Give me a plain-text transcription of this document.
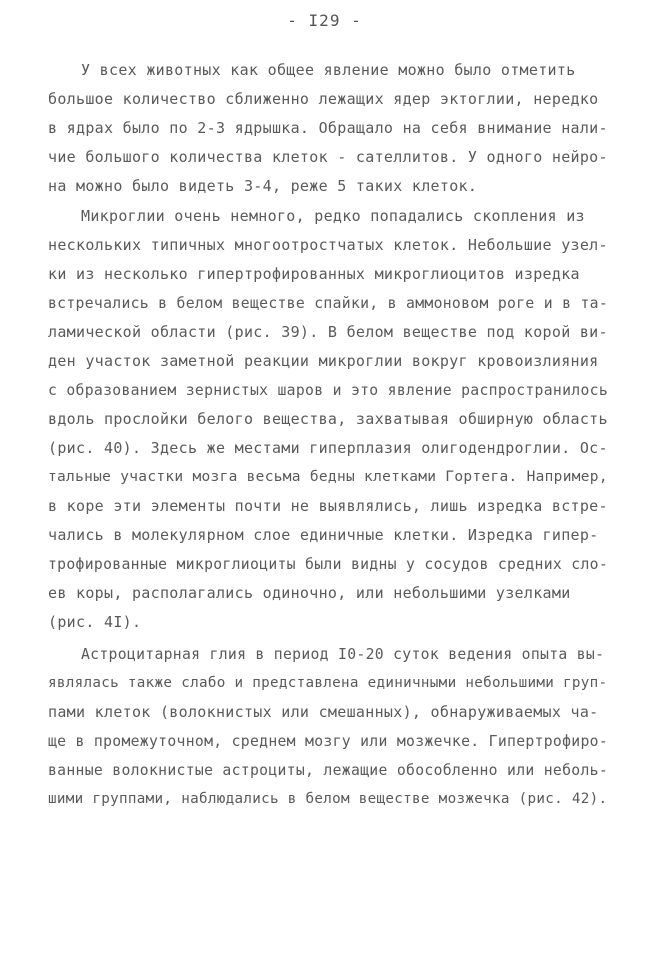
- I29 -
У всех животных как общее явление можно было отметить
большое количество сближенно лежащих ядер эктоглии, нередко
в ядрах было по 2-3 ядрышка. Обращало на себя внимание нали-
чие большого количества клеток - сателлитов. У одного нейро-
на можно было видеть 3-4, реже 5 таких клеток.
Микроглии очень немного, редко попадались скопления из
нескольких типичных многоотростчатых клеток. Небольшие узел-
ки из несколько гипертрофированных микроглиоцитов изредка
встречались в белом веществе спайки, в аммоновом роге и в та-
ламической области (рис. 39). В белом веществе под корой ви-
ден участок заметной реакции микроглии вокруг кровоизлияния
с образованием зернистых шаров и это явление распространилось
вдоль прослойки белого вещества, захватывая обширную область
(рис. 40). Здесь же местами гиперплазия олигодендроглии. Ос-
тальные участки мозга весьма бедны клетками Гортега. Например,
в коре эти элементы почти не выявлялись, лишь изредка встре-
чались в молекулярном слое единичные клетки. Изредка гипер-
трофированные микроглиоциты были видны у сосудов средних сло-
ев коры, располагались одиночно, или небольшими узелками
(рис. 4I).
Астроцитарная глия в период I0-20 суток ведения опыта вы-
являлась также слабо и представлена единичными небольшими груп-
пами клеток (волокнистых или смешанных), обнаруживаемых ча-
ще в промежуточном, среднем мозгу или мозжечке. Гипертрофиро-
ванные волокнистые астроциты, лежащие обособленно или неболь-
шими группами, наблюдались в белом веществе мозжечка (рис. 42).
